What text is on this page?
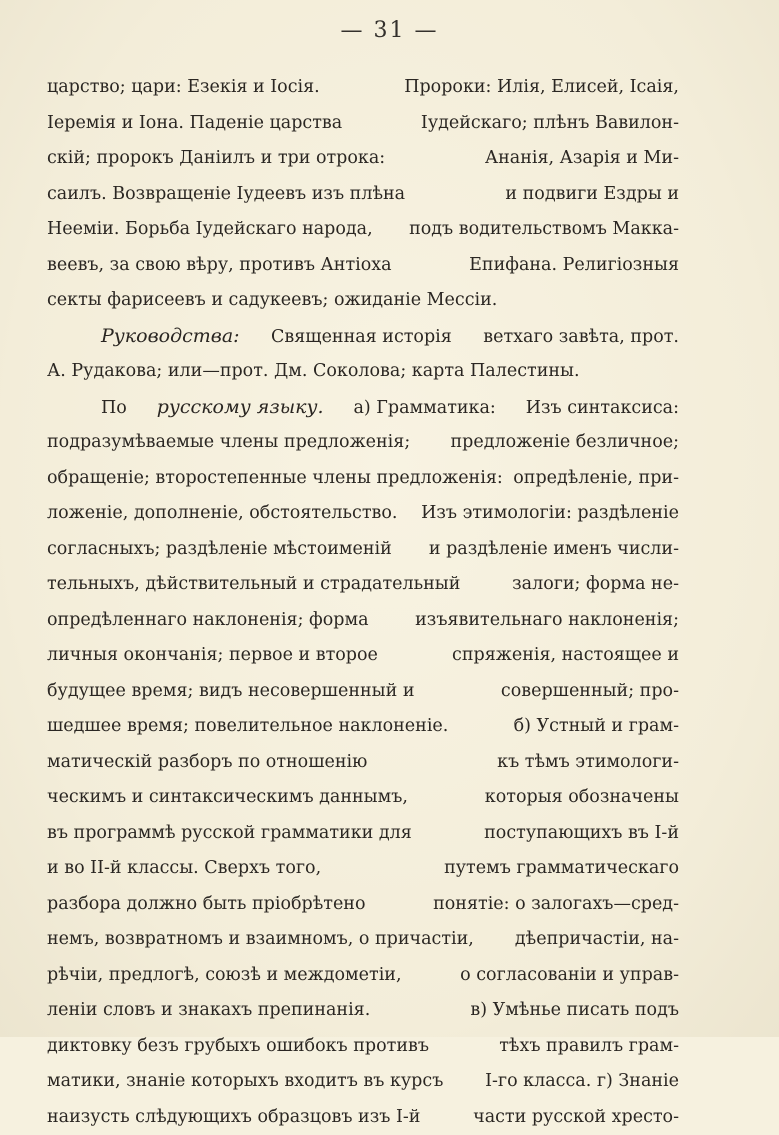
— 31 —
царство; цари: Езекія и Іосія.	Пророки: Илія, Елисей, Ісаія,
Іеремія и Іона. Паденіе царства	Іудейскаго; плѣнъ Вавилон-
скій; пророкъ Даніилъ и три отрока:	Ананія, Азарія и Ми-
саилъ. Возвращеніе Іудеевъ изъ плѣна	и подвиги Ездры и
Неемiи. Борьба Іудейскаго народа, подъ водительствомъ Макка-
веевъ, за свою вѣру, противъ Антіоха	Епифана. Религіозныя
секты фарисеевъ и садукеевъ; ожиданіе Мессіи.
Руководства: Священная исторія ветхаго завѣта, прот.
А. Рудакова; или—прот. Дм. Соколова; карта Палестины.
По русскому языку. а) Грамматика: Изъ синтаксиса:
подразумѣваемые члены предложенія; предложеніе безличное;
обращеніе; второстепенные члены предложенія: опредѣленіе, при-
ложеніе, дополненіе, обстоятельство. Изъ этимологіи: раздѣленіе
согласныхъ; раздѣленіе мѣстоименій и раздѣленіе именъ числи-
тельныхъ, дѣйствительный и страдательный	залоги; форма не-
опредѣленнаго наклоненія; форма	изъявительнаго наклоненія;
личныя окончанія; первое и второе	спряженія, настоящее и
будущее время; видъ несовершенный и	совершенный; про-
шедшее время; повелительное наклоненіе.	б) Устный и грам-
матическій разборъ по отношенію	къ тѣмъ этимологи-
ческимъ и синтаксическимъ даннымъ,	которыя обозначены
въ программѣ русской грамматики для	поступающихъ въ I-й
и во II-й классы. Сверхъ того,	путемъ грамматическаго
разбора должно быть пріобрѣтено	понятіе: о залогахъ—сред-
немъ, возвратномъ и взаимномъ, о причастіи, дѣепричастіи, на-
рѣчіи, предлогѣ, союзѣ и междометіи,	о согласованіи и управ-
леніи словъ и знакахъ препинанія.	в) Умѣнье писать подъ
диктовку безъ грубыхъ ошибокъ противъ	тѣхъ правилъ грам-
матики, знаніе которыхъ входитъ въ курсъ I-го класса. г) Знаніе
наизусть слѣдующихъ образцовъ изъ I-й	части русской хресто-
